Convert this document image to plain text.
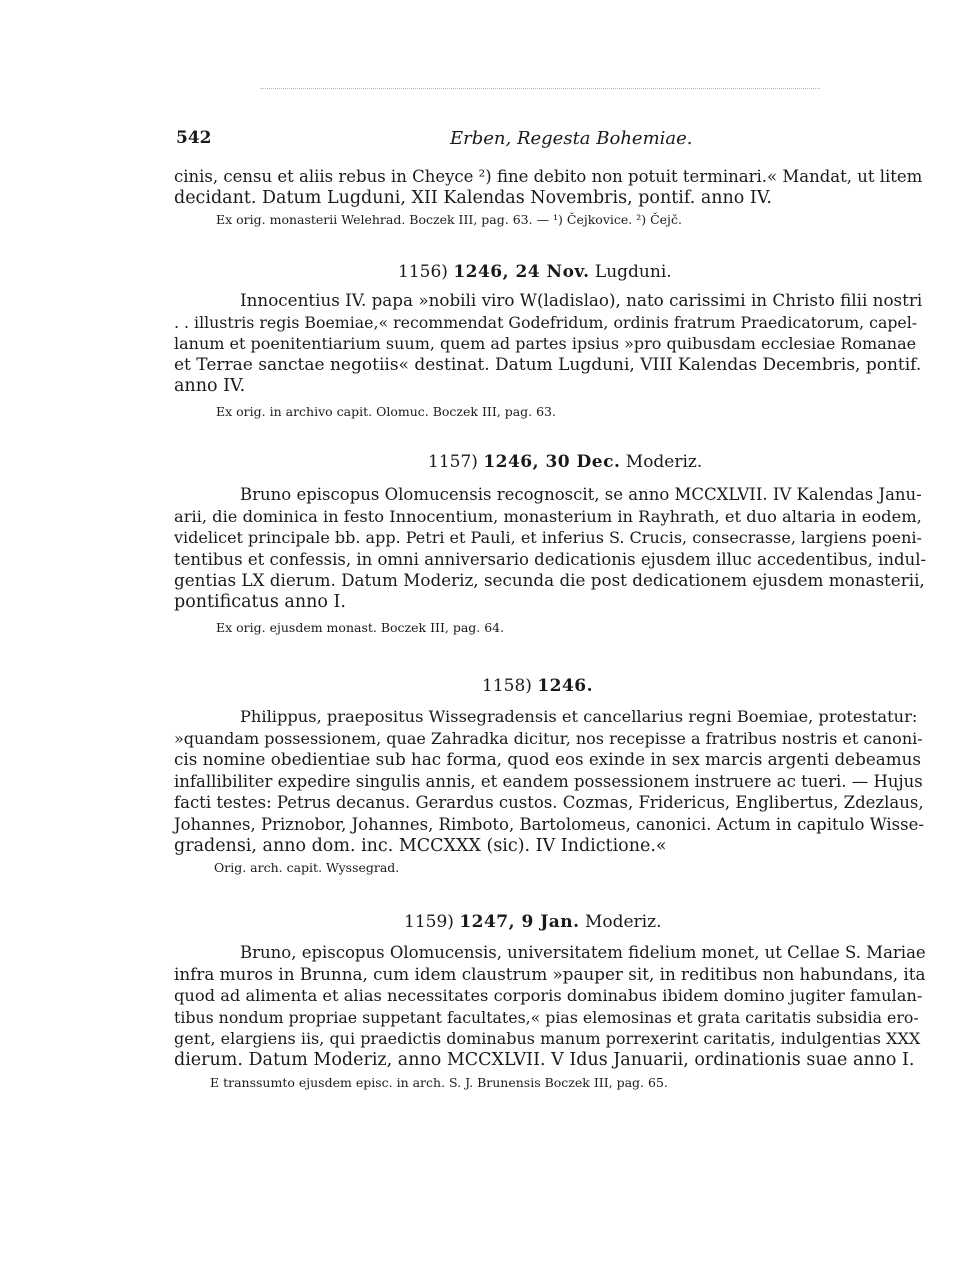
542	Erben, Regesta Bohemiae.

cinis, censu et aliis rebus in Cheyce ²) fine debito non potuit terminari.« Mandat, ut litem
decidant. Datum Lugduni, XII Kalendas Novembris, pontif. anno IV.

Ex orig. monasterii Welehrad. Boczek III, pag. 63. — ¹) Čejkovice. ²) Čejč.

1156) 1246, 24 Nov. Lugduni.

Innocentius IV. papa »nobili viro W(ladislao), nato carissimi in Christo filii nostri
. . illustris regis Boemiae,« recommendat Godefridum, ordinis fratrum Praedicatorum, capel-
lanum et poenitentiarium suum, quem ad partes ipsius »pro quibusdam ecclesiae Romanae
et Terrae sanctae negotiis« destinat. Datum Lugduni, VIII Kalendas Decembris, pontif.
anno IV.

Ex orig. in archivo capit. Olomuc. Boczek III, pag. 63.

1157) 1246, 30 Dec. Moderiz.

Bruno episcopus Olomucensis recognoscit, se anno MCCXLVII. IV Kalendas Janu-
arii, die dominica in festo Innocentium, monasterium in Rayhrath, et duo altaria in eodem,
videlicet principale bb. app. Petri et Pauli, et inferius S. Crucis, consecrasse, largiens poeni-
tentibus et confessis, in omni anniversario dedicationis ejusdem illuc accedentibus, indul-
gentias LX dierum. Datum Moderiz, secunda die post dedicationem ejusdem monasterii,
pontificatus anno I.

Ex orig. ejusdem monast. Boczek III, pag. 64.

1158) 1246.

Philippus, praepositus Wissegradensis et cancellarius regni Boemiae, protestatur:
»quandam possessionem, quae Zahradka dicitur, nos recepisse a fratribus nostris et canoni-
cis nomine obedientiae sub hac forma, quod eos exinde in sex marcis argenti debeamus
infallibiliter expedire singulis annis, et eandem possessionem instruere ac tueri. — Hujus
facti testes: Petrus decanus. Gerardus custos. Cozmas, Fridericus, Englibertus, Zdezlaus,
Johannes, Priznobor, Johannes, Rimboto, Bartolomeus, canonici. Actum in capitulo Wisse-
gradensi, anno dom. inc. MCCXXX (sic). IV Indictione.«

Orig. arch. capit. Wyssegrad.

1159) 1247, 9 Jan. Moderiz.

Bruno, episcopus Olomucensis, universitatem fidelium monet, ut Cellae S. Mariae
infra muros in Brunna, cum idem claustrum »pauper sit, in reditibus non habundans, ita
quod ad alimenta et alias necessitates corporis dominabus ibidem domino jugiter famulan-
tibus nondum propriae suppetant facultates,« pias elemosinas et grata caritatis subsidia ero-
gent, elargiens iis, qui praedictis dominabus manum porrexerint caritatis, indulgentias XXX
dierum. Datum Moderiz, anno MCCXLVII. V Idus Januarii, ordinationis suae anno I.

E transsumto ejusdem episc. in arch. S. J. Brunensis Boczek III, pag. 65.
